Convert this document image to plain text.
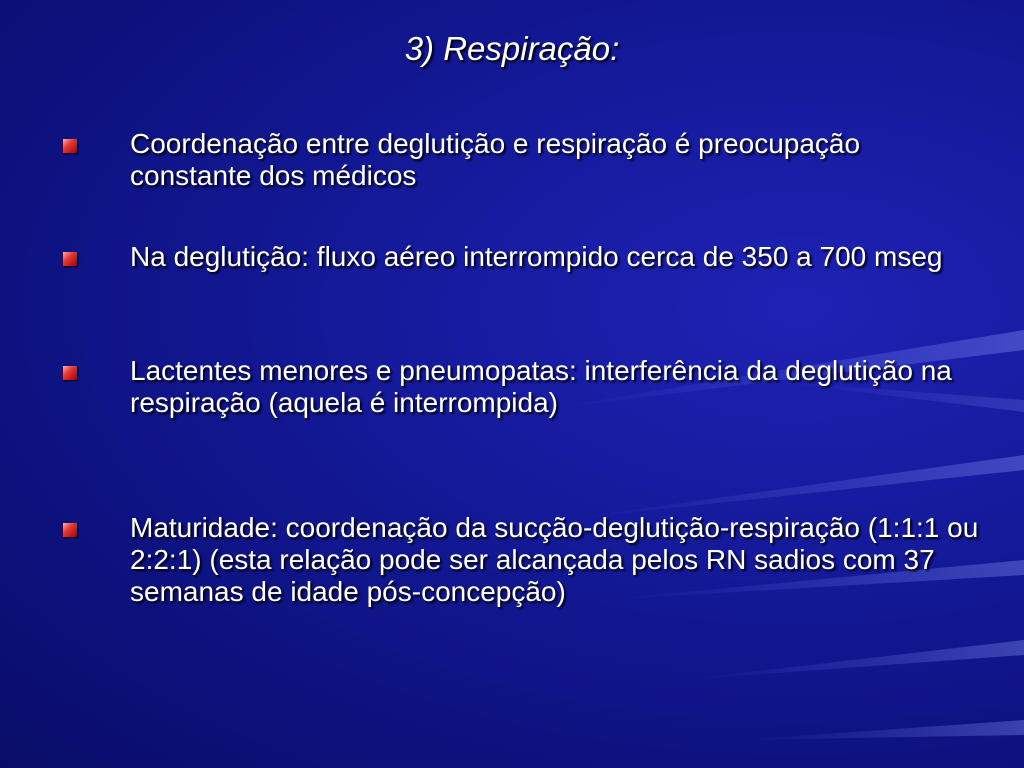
3) Respiração:

Coordenação entre deglutição e respiração é preocupação constante dos médicos

Na deglutição: fluxo aéreo interrompido cerca de 350 a 700 mseg

Lactentes menores e pneumopatas: interferência da deglutição na respiração (aquela é interrompida)

Maturidade: coordenação da sucção-deglutição-respiração (1:1:1 ou 2:2:1) (esta relação pode ser alcançada pelos RN sadios com 37 semanas de idade pós-concepção)
